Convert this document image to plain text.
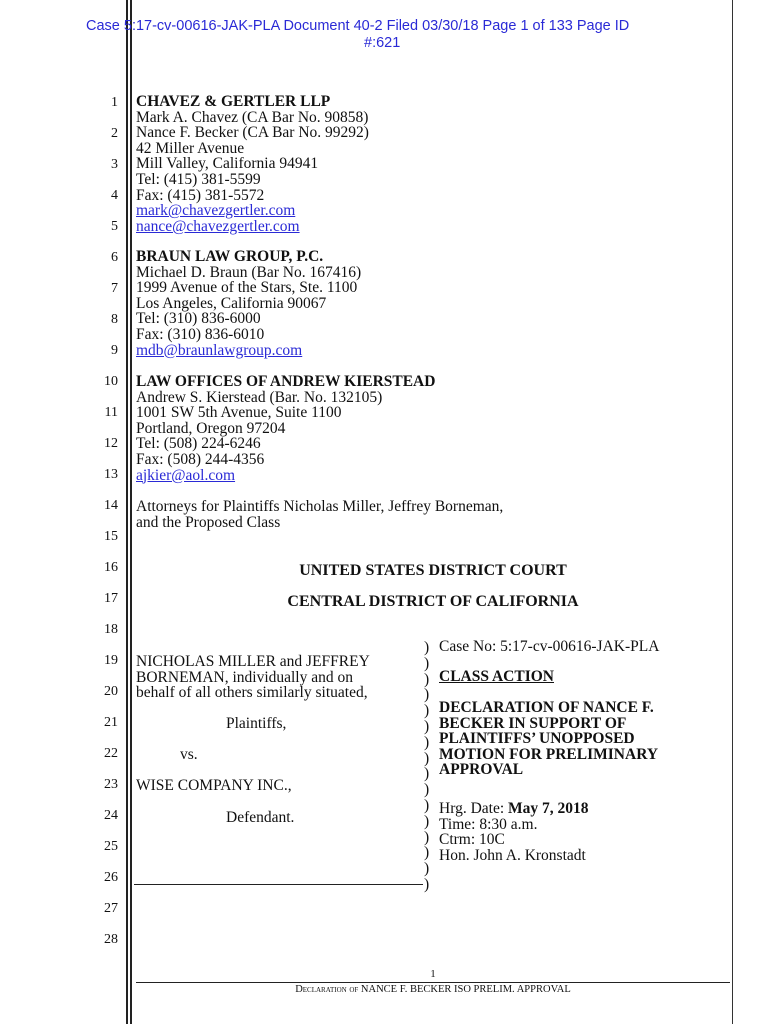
Case 5:17-cv-00616-JAK-PLA Document 40-2 Filed 03/30/18 Page 1 of 133 Page ID
#:621
1
2
3
4
5
6
7
8
9
10
11
12
13
14
15
16
17
18
19
20
21
22
23
24
25
26
27
28
CHAVEZ & GERTLER LLP
Mark A. Chavez (CA Bar No. 90858)
Nance F. Becker (CA Bar No. 99292)
42 Miller Avenue
Mill Valley, California 94941
Tel: (415) 381-5599
Fax: (415) 381-5572
mark@chavezgertler.com
nance@chavezgertler.com
BRAUN LAW GROUP, P.C.
Michael D. Braun (Bar No. 167416)
1999 Avenue of the Stars, Ste. 1100
Los Angeles, California 90067
Tel: (310) 836-6000
Fax: (310) 836-6010
mdb@braunlawgroup.com
LAW OFFICES OF ANDREW KIERSTEAD
Andrew S. Kierstead (Bar. No. 132105)
1001 SW 5th Avenue, Suite 1100
Portland, Oregon 97204
Tel: (508) 224-6246
Fax: (508) 244-4356
ajkier@aol.com
Attorneys for Plaintiffs Nicholas Miller, Jeffrey Borneman,
and the Proposed Class
UNITED STATES DISTRICT COURT
CENTRAL DISTRICT OF CALIFORNIA
NICHOLAS MILLER and JEFFREY
BORNEMAN, individually and on
behalf of all others similarly situated,
Plaintiffs,
vs.
WISE COMPANY INC.,
Defendant.
)
)
)
)
)
)
)
)
)
)
)
)
)
)
)
)
Case No: 5:17-cv-00616-JAK-PLA
CLASS ACTION
DECLARATION OF NANCE F.
BECKER IN SUPPORT OF
PLAINTIFFS’ UNOPPOSED
MOTION FOR PRELIMINARY
APPROVAL
Hrg. Date: May 7, 2018
Time: 8:30 a.m.
Ctrm: 10C
Hon. John A. Kronstadt
1
Declaration of NANCE F. BECKER ISO PRELIM. APPROVAL
